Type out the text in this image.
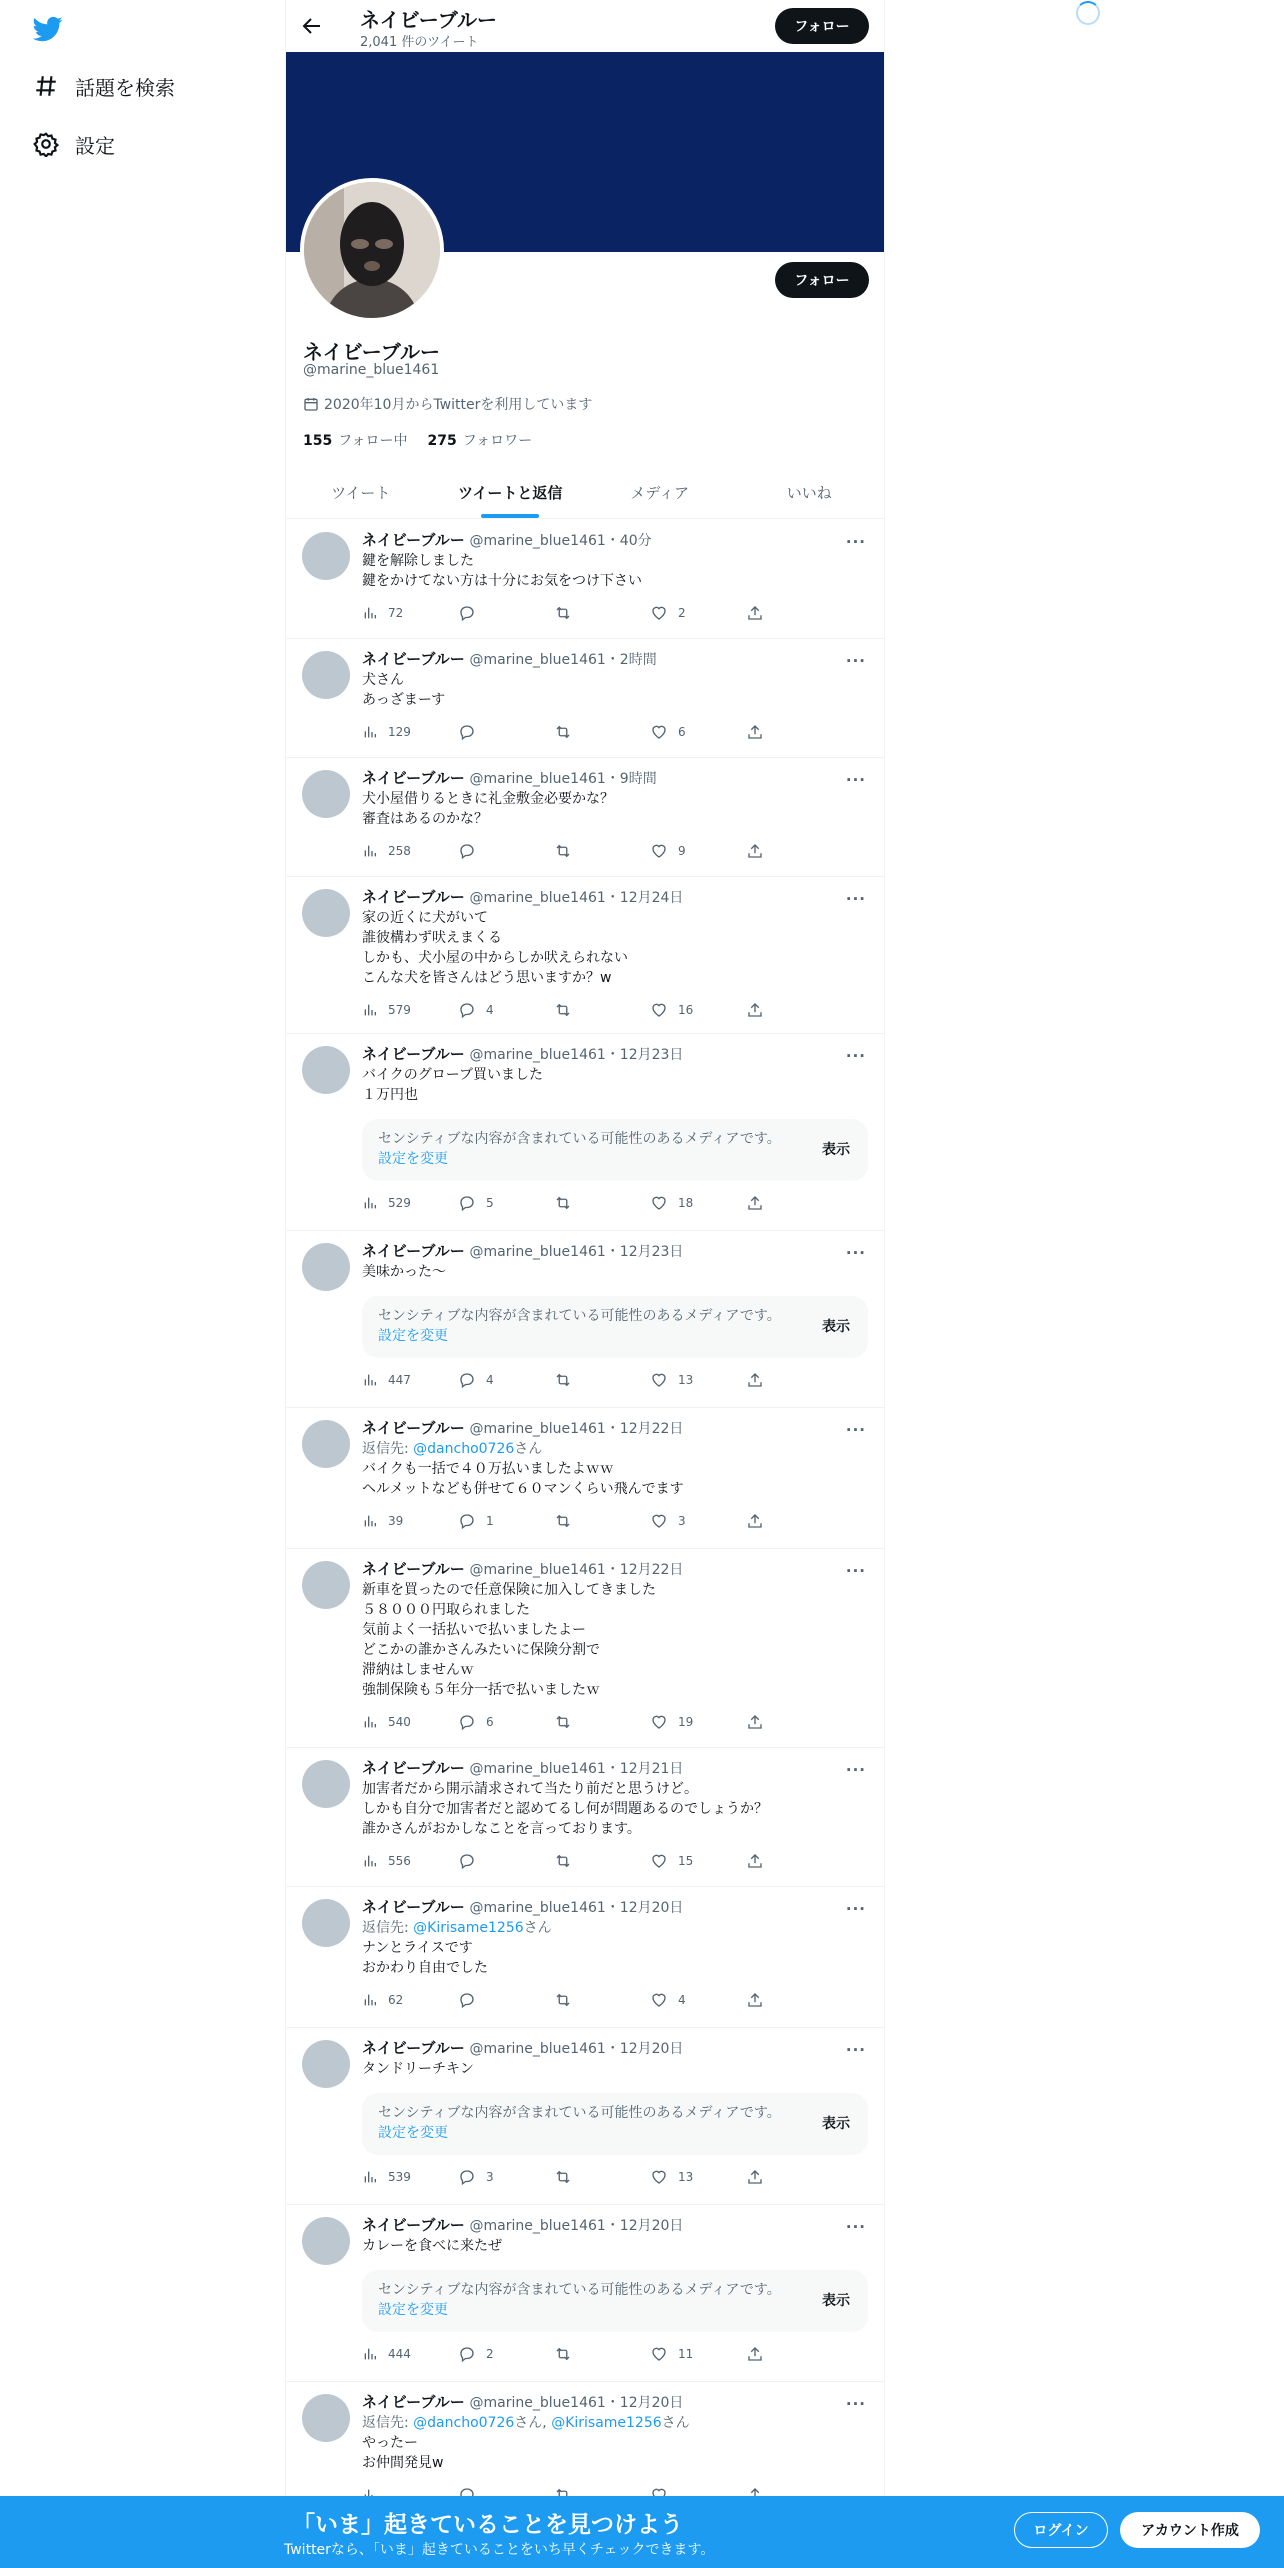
話題を検索
設定
ネイビーブルー
2,041 件のツイート
フォロー
フォロー
ネイビーブルー
@marine_blue1461
2020年10月からTwitterを利用しています
155 フォロー中 275 フォロワー
ツイート	ツイートと返信	メディア	いいね
···
ネイビーブルー @marine_blue1461・40分
鍵を解除しました
鍵をかけてない方は十分にお気をつけ下さい
72	2
···
ネイビーブルー @marine_blue1461・2時間
犬さん
あっざまーす
129	6
···
ネイビーブルー @marine_blue1461・9時間
犬小屋借りるときに礼金敷金必要かな？
審査はあるのかな？
258	9
···
ネイビーブルー @marine_blue1461・12月24日
家の近くに犬がいて
誰彼構わず吠えまくる
しかも、犬小屋の中からしか吠えられない
こんな犬を皆さんはどう思いますか？w
579	4	16
···
ネイビーブルー @marine_blue1461・12月23日
バイクのグローブ買いました
１万円也
センシティブな内容が含まれている可能性のあるメディアです。設定を変更
表示
529	5	18
···
ネイビーブルー @marine_blue1461・12月23日
美味かった〜
センシティブな内容が含まれている可能性のあるメディアです。設定を変更
表示
447	4	13
···
ネイビーブルー @marine_blue1461・12月22日
返信先: @dancho0726さん
バイクも一括で４０万払いましたよｗｗ
ヘルメットなども併せて６０マンくらい飛んでます
39	1	3
···
ネイビーブルー @marine_blue1461・12月22日
新車を買ったので任意保険に加入してきました
５８０００円取られました
気前よく一括払いで払いましたよー
どこかの誰かさんみたいに保険分割で
滞納はしませんｗ
強制保険も５年分一括で払いましたｗ
540	6	19
···
ネイビーブルー @marine_blue1461・12月21日
加害者だから開示請求されて当たり前だと思うけど。
しかも自分で加害者だと認めてるし何が問題あるのでしょうか？
誰かさんがおかしなことを言っております。
556	15
···
ネイビーブルー @marine_blue1461・12月20日
返信先: @Kirisame1256さん
ナンとライスです
おかわり自由でした
62	4
···
ネイビーブルー @marine_blue1461・12月20日
タンドリーチキン
センシティブな内容が含まれている可能性のあるメディアです。設定を変更
表示
539	3	13
···
ネイビーブルー @marine_blue1461・12月20日
カレーを食べに来たぜ
センシティブな内容が含まれている可能性のあるメディアです。設定を変更
表示
444	2	11
···
ネイビーブルー @marine_blue1461・12月20日
返信先: @dancho0726さん, @Kirisame1256さん
やったー
お仲間発見w
「いま」起きていることを見つけよう
Twitterなら、「いま」起きていることをいち早くチェックできます。
ログイン	アカウント作成
